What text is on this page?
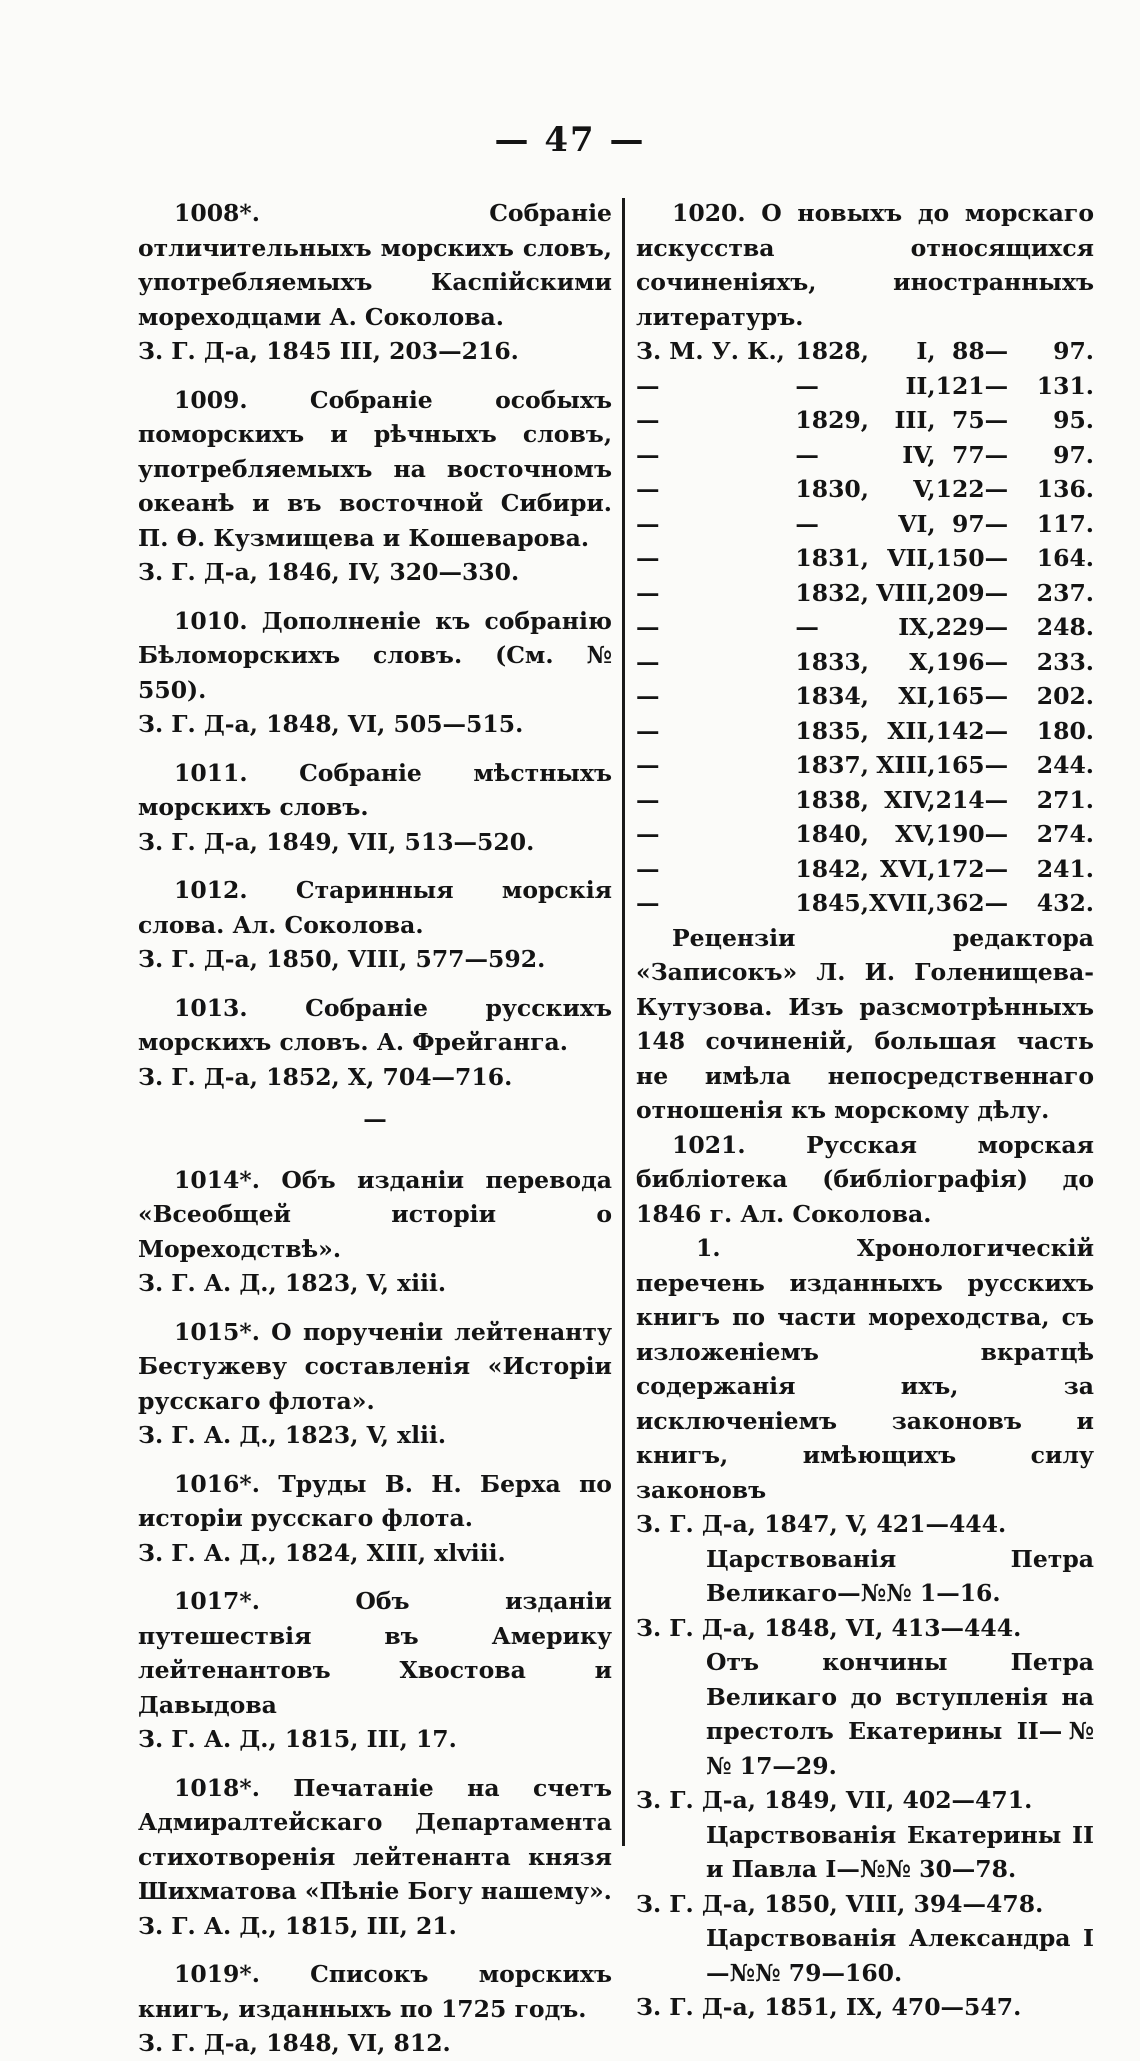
— 47 —

1008*. Собраніе отличительныхъ морскихъ словъ, употребляемыхъ Каспійскими мореходцами А. Соколова.

З. Г. Д-а, 1845 III, 203—216.

1009. Собраніе особыхъ поморскихъ и рѣчныхъ словъ, употребляемыхъ на восточномъ океанѣ и въ восточной Сибири. П. Ѳ. Кузмищева и Кошеварова.

З. Г. Д-а, 1846, IV, 320—330.

1010. Дополненіе къ собранію Бѣломорскихъ словъ. (См. № 550).

З. Г. Д-а, 1848, VI, 505—515.

1011. Собраніе мѣстныхъ морскихъ словъ.

З. Г. Д-а, 1849, VII, 513—520.

1012. Старинныя морскія слова. Ал. Соколова.

З. Г. Д-а, 1850, VIII, 577—592.

1013. Собраніе русскихъ морскихъ словъ. А. Фрейганга.

З. Г. Д-а, 1852, X, 704—716.

—

1014*. Объ изданіи перевода «Всеобщей исторіи о Мореходствѣ».

З. Г. А. Д., 1823, V, xiii.

1015*. О порученіи лейтенанту Бестужеву составленія «Исторіи русскаго флота».

З. Г. А. Д., 1823, V, xlii.

1016*. Труды В. Н. Берха по исторіи русскаго флота.

З. Г. А. Д., 1824, XIII, xlviii.

1017*. Объ изданіи путешествія въ Америку лейтенантовъ Хвостова и Давыдова

З. Г. А. Д., 1815, III, 17.

1018*. Печатаніе на счетъ Адмиралтейскаго Департамента стихотворенія лейтенанта князя Шихматова «Пѣніе Богу нашему».

З. Г. А. Д., 1815, III, 21.

1019*. Списокъ морскихъ книгъ, изданныхъ по 1725 годъ.

З. Г. Д-а, 1848, VI, 812.

1020. О новыхъ до морскаго искусства относящихся сочиненіяхъ, иностранныхъ литературъ.

З. М. У. К.,	1828,	I,	88—	97.
—	—	II,	121—	131.
—	1829,	III,	75—	95.
—	—	IV,	77—	97.
—	1830,	V,	122—	136.
—	—	VI,	97—	117.
—	1831,	VII,	150—	164.
—	1832,	VIII,	209—	237.
—	—	IX,	229—	248.
—	1833,	X,	196—	233.
—	1834,	XI,	165—	202.
—	1835,	XII,	142—	180.
—	1837,	XIII,	165—	244.
—	1838,	XIV,	214—	271.
—	1840,	XV,	190—	274.
—	1842,	XVI,	172—	241.
—	1845,	XVII,	362—	432.

Рецензіи редактора «Записокъ» Л. И. Голенищева-Кутузова. Изъ разсмотрѣнныхъ 148 сочиненій, большая часть не имѣла непосредственнаго отношенія къ морскому дѣлу.

1021. Русская морская библіотека (библіографія) до 1846 г. Ал. Соколова.

1. Хронологическій перечень изданныхъ русскихъ книгъ по части мореходства, съ изложеніемъ вкратцѣ содержанія ихъ, за исключеніемъ законовъ и книгъ, имѣющихъ силу законовъ

З. Г. Д-а, 1847, V, 421—444.

Царствованія Петра Великаго—№№ 1—16.

З. Г. Д-а, 1848, VI, 413—444.

Отъ кончины Петра Великаго до вступленія на престолъ Екатерины II—№№ 17—29.

З. Г. Д-а, 1849, VII, 402—471.

Царствованія Екатерины II и Павла I—№№ 30—78.

З. Г. Д-а, 1850, VIII, 394—478.

Царствованія Александра I—№№ 79—160.

З. Г. Д-а, 1851, IX, 470—547.
